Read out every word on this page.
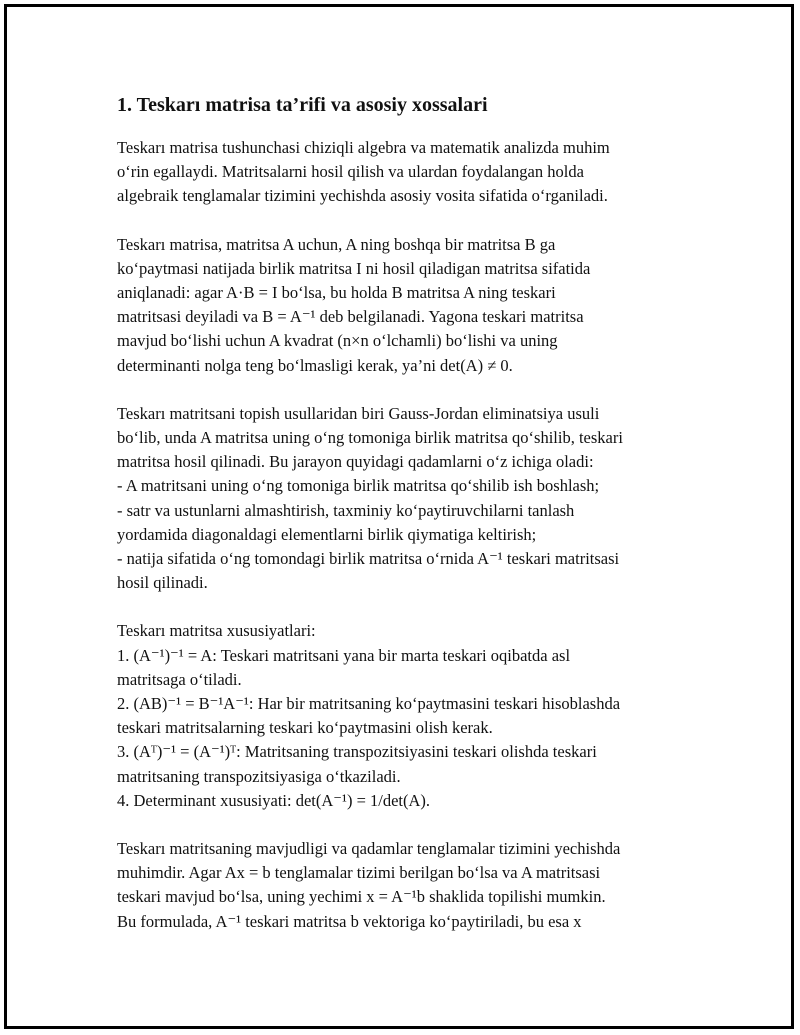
1. Teskarı matrisa ta’rifi va asosiy xossalari

Teskarı matrisa tushunchasi chiziqli algebra va matematik analizda muhim
o‘rin egallaydi. Matritsalarni hosil qilish va ulardan foydalangan holda
algebraik tenglamalar tizimini yechishda asosiy vosita sifatida o‘rganiladi.

Teskarı matrisa, matritsa A uchun, A ning boshqa bir matritsa B ga
ko‘paytmasi natijada birlik matritsa I ni hosil qiladigan matritsa sifatida
aniqlanadi: agar A·B = I bo‘lsa, bu holda B matritsa A ning teskari
matritsasi deyiladi va B = A⁻¹ deb belgilanadi. Yagona teskari matritsa
mavjud bo‘lishi uchun A kvadrat (n×n o‘lchamli) bo‘lishi va uning
determinanti nolga teng bo‘lmasligi kerak, ya’ni det(A) ≠ 0.

Teskarı matritsani topish usullaridan biri Gauss-Jordan eliminatsiya usuli
bo‘lib, unda A matritsa uning o‘ng tomoniga birlik matritsa qo‘shilib, teskari
matritsa hosil qilinadi. Bu jarayon quyidagi qadamlarni o‘z ichiga oladi:
- A matritsani uning o‘ng tomoniga birlik matritsa qo‘shilib ish boshlash;
- satr va ustunlarni almashtirish, taxminiy ko‘paytiruvchilarni tanlash
yordamida diagonaldagi elementlarni birlik qiymatiga keltirish;
- natija sifatida o‘ng tomondagi birlik matritsa o‘rnida A⁻¹ teskari matritsasi
hosil qilinadi.

Teskarı matritsa xususiyatlari:
1. (A⁻¹)⁻¹ = A: Teskari matritsani yana bir marta teskari oqibatda asl
matritsaga o‘tiladi.
2. (AB)⁻¹ = B⁻¹A⁻¹: Har bir matritsaning ko‘paytmasini teskari hisoblashda
teskari matritsalarning teskari ko‘paytmasini olish kerak.
3. (Aᵀ)⁻¹ = (A⁻¹)ᵀ: Matritsaning transpozitsiyasini teskari olishda teskari
matritsaning transpozitsiyasiga o‘tkaziladi.
4. Determinant xususiyati: det(A⁻¹) = 1/det(A).

Teskarı matritsaning mavjudligi va qadamlar tenglamalar tizimini yechishda
muhimdir. Agar Ax = b tenglamalar tizimi berilgan bo‘lsa va A matritsasi
teskari mavjud bo‘lsa, uning yechimi x = A⁻¹b shaklida topilishi mumkin.
Bu formulada, A⁻¹ teskari matritsa b vektoriga ko‘paytiriladi, bu esa x
